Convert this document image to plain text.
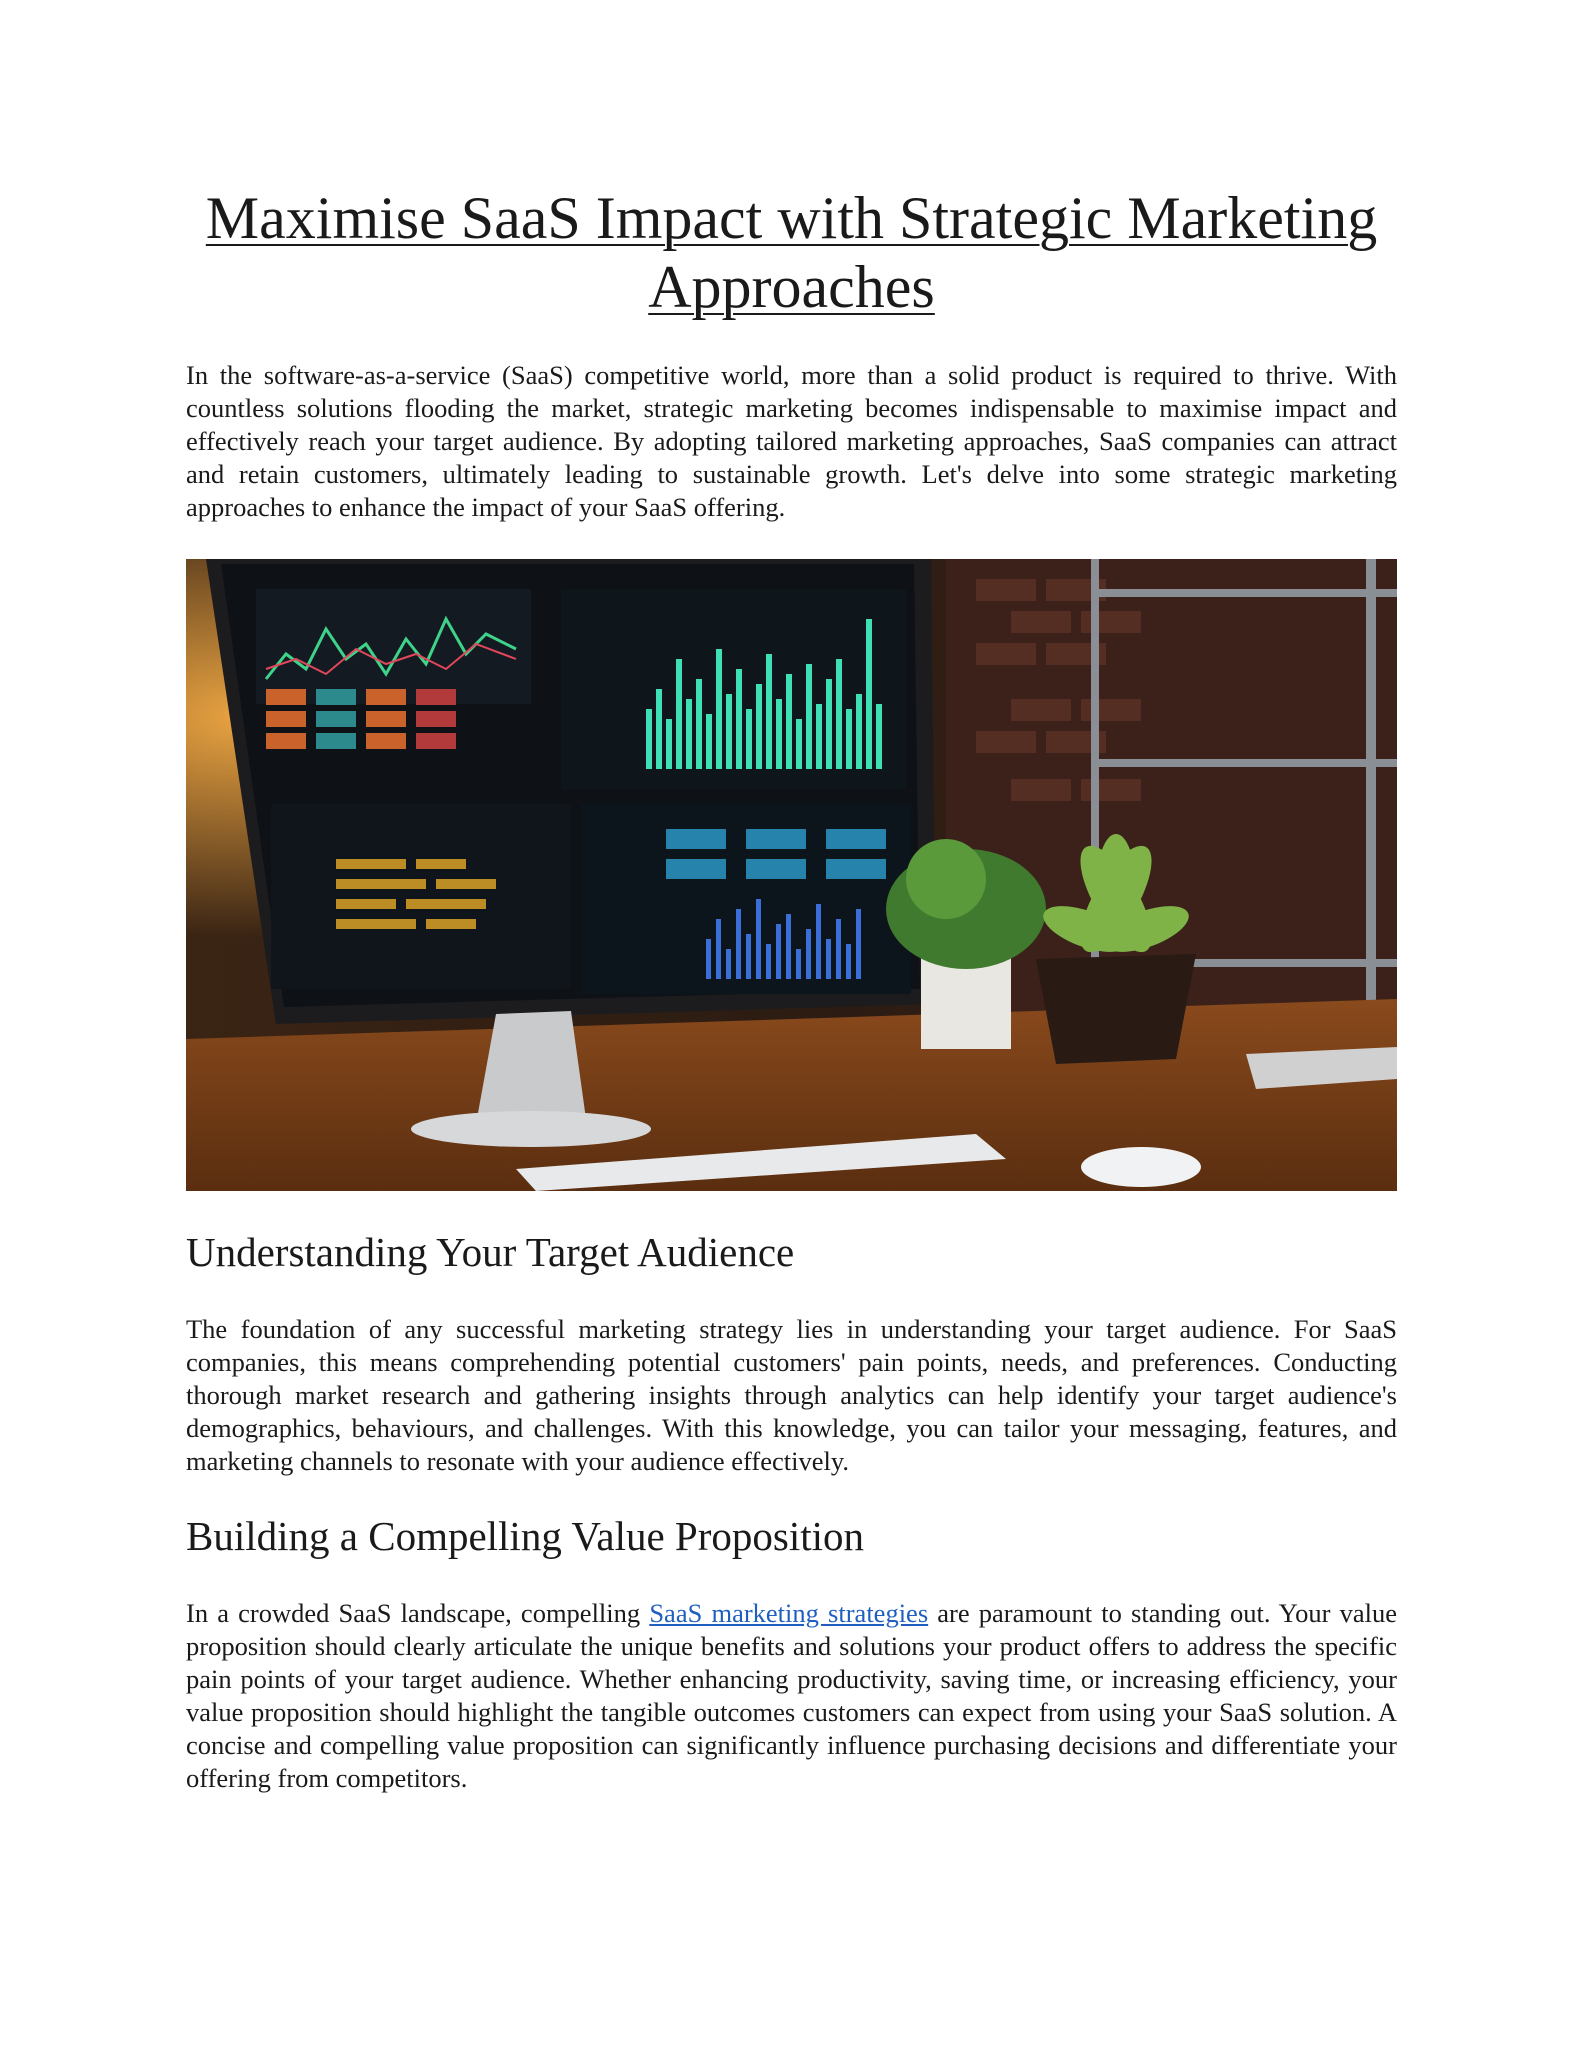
Maximise SaaS Impact with Strategic Marketing Approaches

In the software-as-a-service (SaaS) competitive world, more than a solid product is required to thrive. With countless solutions flooding the market, strategic marketing becomes indispensable to maximise impact and effectively reach your target audience. By adopting tailored marketing approaches, SaaS companies can attract and retain customers, ultimately leading to sustainable growth. Let's delve into some strategic marketing approaches to enhance the impact of your SaaS offering.

Understanding Your Target Audience

The foundation of any successful marketing strategy lies in understanding your target audience. For SaaS companies, this means comprehending potential customers' pain points, needs, and preferences. Conducting thorough market research and gathering insights through analytics can help identify your target audience's demographics, behaviours, and challenges. With this knowledge, you can tailor your messaging, features, and marketing channels to resonate with your audience effectively.

Building a Compelling Value Proposition

In a crowded SaaS landscape, compelling SaaS marketing strategies are paramount to standing out. Your value proposition should clearly articulate the unique benefits and solutions your product offers to address the specific pain points of your target audience. Whether enhancing productivity, saving time, or increasing efficiency, your value proposition should highlight the tangible outcomes customers can expect from using your SaaS solution. A concise and compelling value proposition can significantly influence purchasing decisions and differentiate your offering from competitors.
